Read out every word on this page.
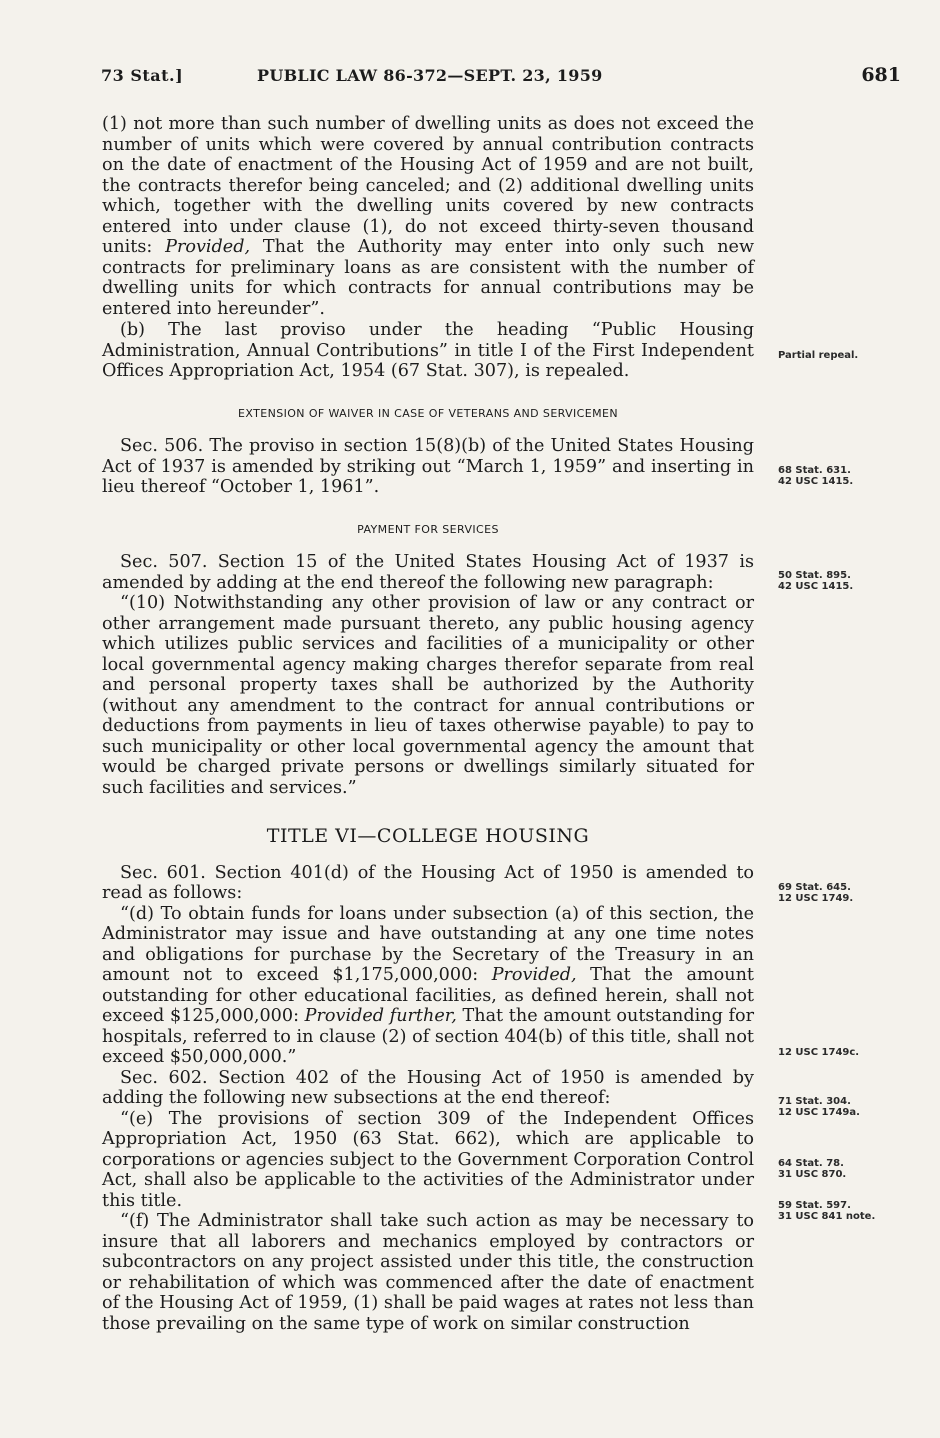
73 Stat.]	PUBLIC LAW 86-372—SEPT. 23, 1959	681

(1) not more than such number of dwelling units as does not exceed the number of units which were covered by annual contribution contracts on the date of enactment of the Housing Act of 1959 and are not built, the contracts therefor being canceled; and (2) additional dwelling units which, together with the dwelling units covered by new contracts entered into under clause (1), do not exceed thirty-seven thousand units: Provided, That the Authority may enter into only such new contracts for preliminary loans as are consistent with the number of dwelling units for which contracts for annual contributions may be entered into hereunder”.

(b) The last proviso under the heading “Public Housing Administration, Annual Contributions” in title I of the First Independent Offices Appropriation Act, 1954 (67 Stat. 307), is repealed.

EXTENSION OF WAIVER IN CASE OF VETERANS AND SERVICEMEN

Sec. 506. The proviso in section 15(8)(b) of the United States Housing Act of 1937 is amended by striking out “March 1, 1959” and inserting in lieu thereof “October 1, 1961”.

PAYMENT FOR SERVICES

Sec. 507. Section 15 of the United States Housing Act of 1937 is amended by adding at the end thereof the following new paragraph:

“(10) Notwithstanding any other provision of law or any contract or other arrangement made pursuant thereto, any public housing agency which utilizes public services and facilities of a municipality or other local governmental agency making charges therefor separate from real and personal property taxes shall be authorized by the Authority (without any amendment to the contract for annual contributions or deductions from payments in lieu of taxes otherwise payable) to pay to such municipality or other local governmental agency the amount that would be charged private persons or dwellings similarly situated for such facilities and services.”

TITLE VI—COLLEGE HOUSING

Sec. 601. Section 401(d) of the Housing Act of 1950 is amended to read as follows:

“(d) To obtain funds for loans under subsection (a) of this section, the Administrator may issue and have outstanding at any one time notes and obligations for purchase by the Secretary of the Treasury in an amount not to exceed $1,175,000,000: Provided, That the amount outstanding for other educational facilities, as defined herein, shall not exceed $125,000,000: Provided further, That the amount outstanding for hospitals, referred to in clause (2) of section 404(b) of this title, shall not exceed $50,000,000.”

Sec. 602. Section 402 of the Housing Act of 1950 is amended by adding the following new subsections at the end thereof:

“(e) The provisions of section 309 of the Independent Offices Appropriation Act, 1950 (63 Stat. 662), which are applicable to corporations or agencies subject to the Government Corporation Control Act, shall also be applicable to the activities of the Administrator under this title.

“(f) The Administrator shall take such action as may be necessary to insure that all laborers and mechanics employed by contractors or subcontractors on any project assisted under this title, the construction or rehabilitation of which was commenced after the date of enactment of the Housing Act of 1959, (1) shall be paid wages at rates not less than those prevailing on the same type of work on similar construction

Partial repeal.
68 Stat. 631.
42 USC 1415.
50 Stat. 895.
42 USC 1415.
69 Stat. 645.
12 USC 1749.
12 USC 1749c.
71 Stat. 304.
12 USC 1749a.
64 Stat. 78.
31 USC 870.
59 Stat. 597.
31 USC 841 note.
